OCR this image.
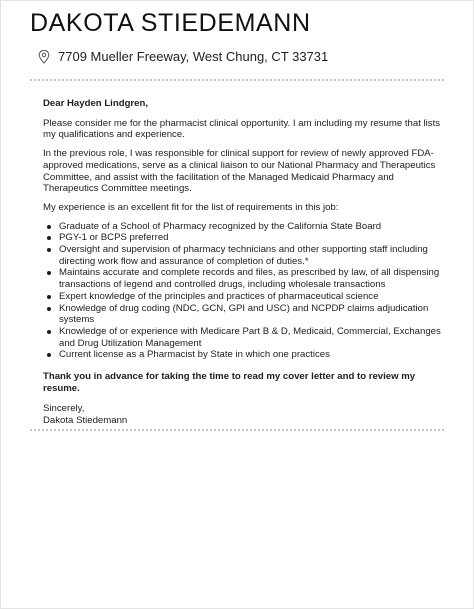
DAKOTA STIEDEMANN
7709 Mueller Freeway, West Chung, CT 33731

Dear Hayden Lindgren,

Please consider me for the pharmacist clinical opportunity. I am including my resume that lists my qualifications and experience.

In the previous role, I was responsible for clinical support for review of newly approved FDA-approved medications, serve as a clinical liaison to our National Pharmacy and Therapeutics Committee, and assist with the facilitation of the Managed Medicaid Pharmacy and Therapeutics Committee meetings.

My experience is an excellent fit for the list of requirements in this job:

Graduate of a School of Pharmacy recognized by the California State Board
PGY-1 or BCPS preferred
Oversight and supervision of pharmacy technicians and other supporting staff including directing work flow and assurance of completion of duties.*
Maintains accurate and complete records and files, as prescribed by law, of all dispensing transactions of legend and controlled drugs, including wholesale transactions
Expert knowledge of the principles and practices of pharmaceutical science
Knowledge of drug coding (NDC, GCN, GPI and USC) and NCPDP claims adjudication systems
Knowledge of or experience with Medicare Part B & D, Medicaid, Commercial, Exchanges and Drug Utilization Management
Current license as a Pharmacist by State in which one practices

Thank you in advance for taking the time to read my cover letter and to review my resume.

Sincerely,

Dakota Stiedemann
